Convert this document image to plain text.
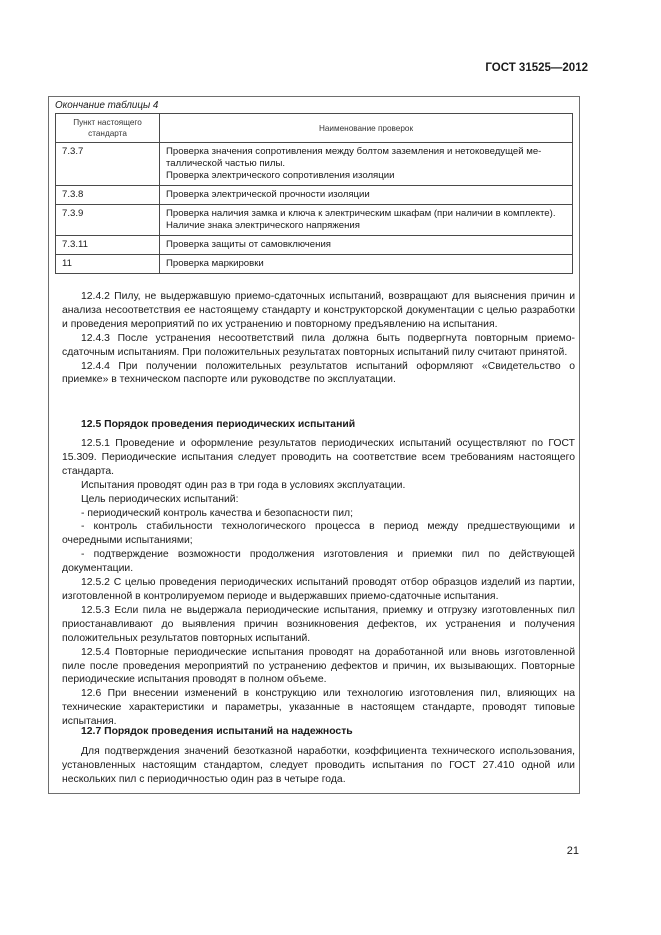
ГОСТ 31525—2012
Окончание таблицы 4
Пункт настоящего стандарта	Наименование проверок
7.3.7	Проверка значения сопротивления между болтом заземления и нетоковедущей ме-
таллической частью пилы.
Проверка электрического сопротивления изоляции

7.3.8	Проверка электрической прочности изоляции

7.3.9	Проверка наличия замка и ключа к электрическим шкафам (при наличии в комплекте).
Наличие знака электрического напряжения

7.3.11	Проверка защиты от самовключения

11	Проверка маркировки

12.4.2 Пилу, не выдержавшую приемо-сдаточных испытаний, возвращают для выяснения причин и анализа несоответствия ее настоящему стандарту и конструкторской документации с целью разработки и проведения мероприятий по их устранению и повторному предъявлению на испытания.

12.4.3 После устранения несоответствий пила должна быть подвергнута повторным приемо-сдаточным испытаниям. При положительных результатах повторных испытаний пилу считают принятой.

12.4.4 При получении положительных результатов испытаний оформляют «Свидетельство о приемке» в техническом паспорте или руководстве по эксплуатации.

12.5 Порядок проведения периодических испытаний

12.5.1 Проведение и оформление результатов периодических испытаний осуществляют по ГОСТ 15.309. Периодические испытания следует проводить на соответствие всем требованиям настоящего стандарта.

Испытания проводят один раз в три года в условиях эксплуатации.

Цель периодических испытаний:

- периодический контроль качества и безопасности пил;

- контроль стабильности технологического процесса в период между предшествующими и очередными испытаниями;

- подтверждение возможности продолжения изготовления и приемки пил по действующей документации.

12.5.2 С целью проведения периодических испытаний проводят отбор образцов изделий из партии, изготовленной в контролируемом периоде и выдержавших приемо-сдаточные испытания.

12.5.3 Если пила не выдержала периодические испытания, приемку и отгрузку изготовленных пил приостанавливают до выявления причин возникновения дефектов, их устранения и получения положительных результатов повторных испытаний.

12.5.4 Повторные периодические испытания проводят на доработанной или вновь изготовленной пиле после проведения мероприятий по устранению дефектов и причин, их вызывающих. Повторные периодические испытания проводят в полном объеме.

12.6 При внесении изменений в конструкцию или технологию изготовления пил, влияющих на технические характеристики и параметры, указанные в настоящем стандарте, проводят типовые испытания.

12.7 Порядок проведения испытаний на надежность

Для подтверждения значений безотказной наработки, коэффициента технического использования, установленных настоящим стандартом, следует проводить испытания по ГОСТ 27.410 одной или нескольких пил с периодичностью один раз в четыре года.

21
